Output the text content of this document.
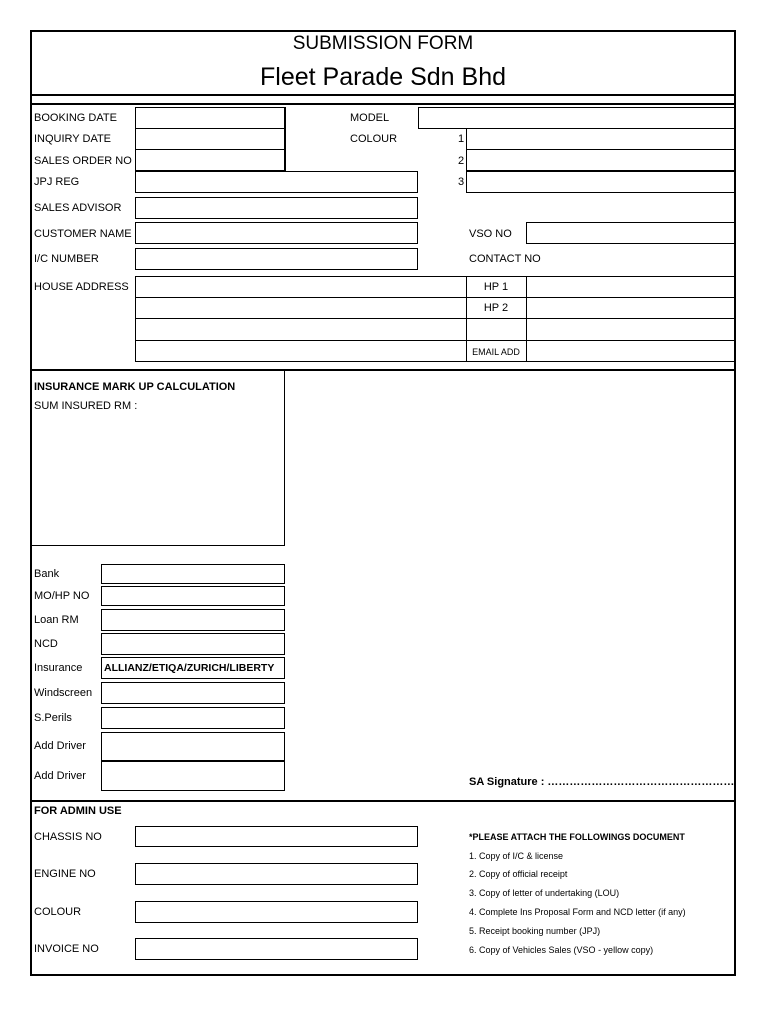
SUBMISSION FORM
Fleet Parade Sdn Bhd
BOOKING DATE
INQUIRY DATE
SALES ORDER NO
JPJ REG
SALES ADVISOR
CUSTOMER NAME
I/C NUMBER
HOUSE ADDRESS
MODEL
COLOUR	1
2
3
VSO NO
CONTACT NO
HP 1
HP 2
EMAIL ADD
INSURANCE MARK UP CALCULATION
SUM INSURED RM :
Bank
MO/HP NO
Loan RM
NCD
Insurance ALLIANZ/ETIQA/ZURICH/LIBERTY
Windscreen
S.Perils
Add Driver
Add Driver	SA Signature : ……………………………………………
FOR ADMIN USE
CHASSIS NO
ENGINE NO
COLOUR
INVOICE NO
*PLEASE ATTACH THE FOLLOWINGS DOCUMENT
1. Copy of I/C & license
2. Copy of official receipt
3. Copy of letter of undertaking (LOU)
4. Complete Ins Proposal Form and NCD letter (if any)
5. Receipt booking number (JPJ)
6. Copy of Vehicles Sales (VSO - yellow copy)
